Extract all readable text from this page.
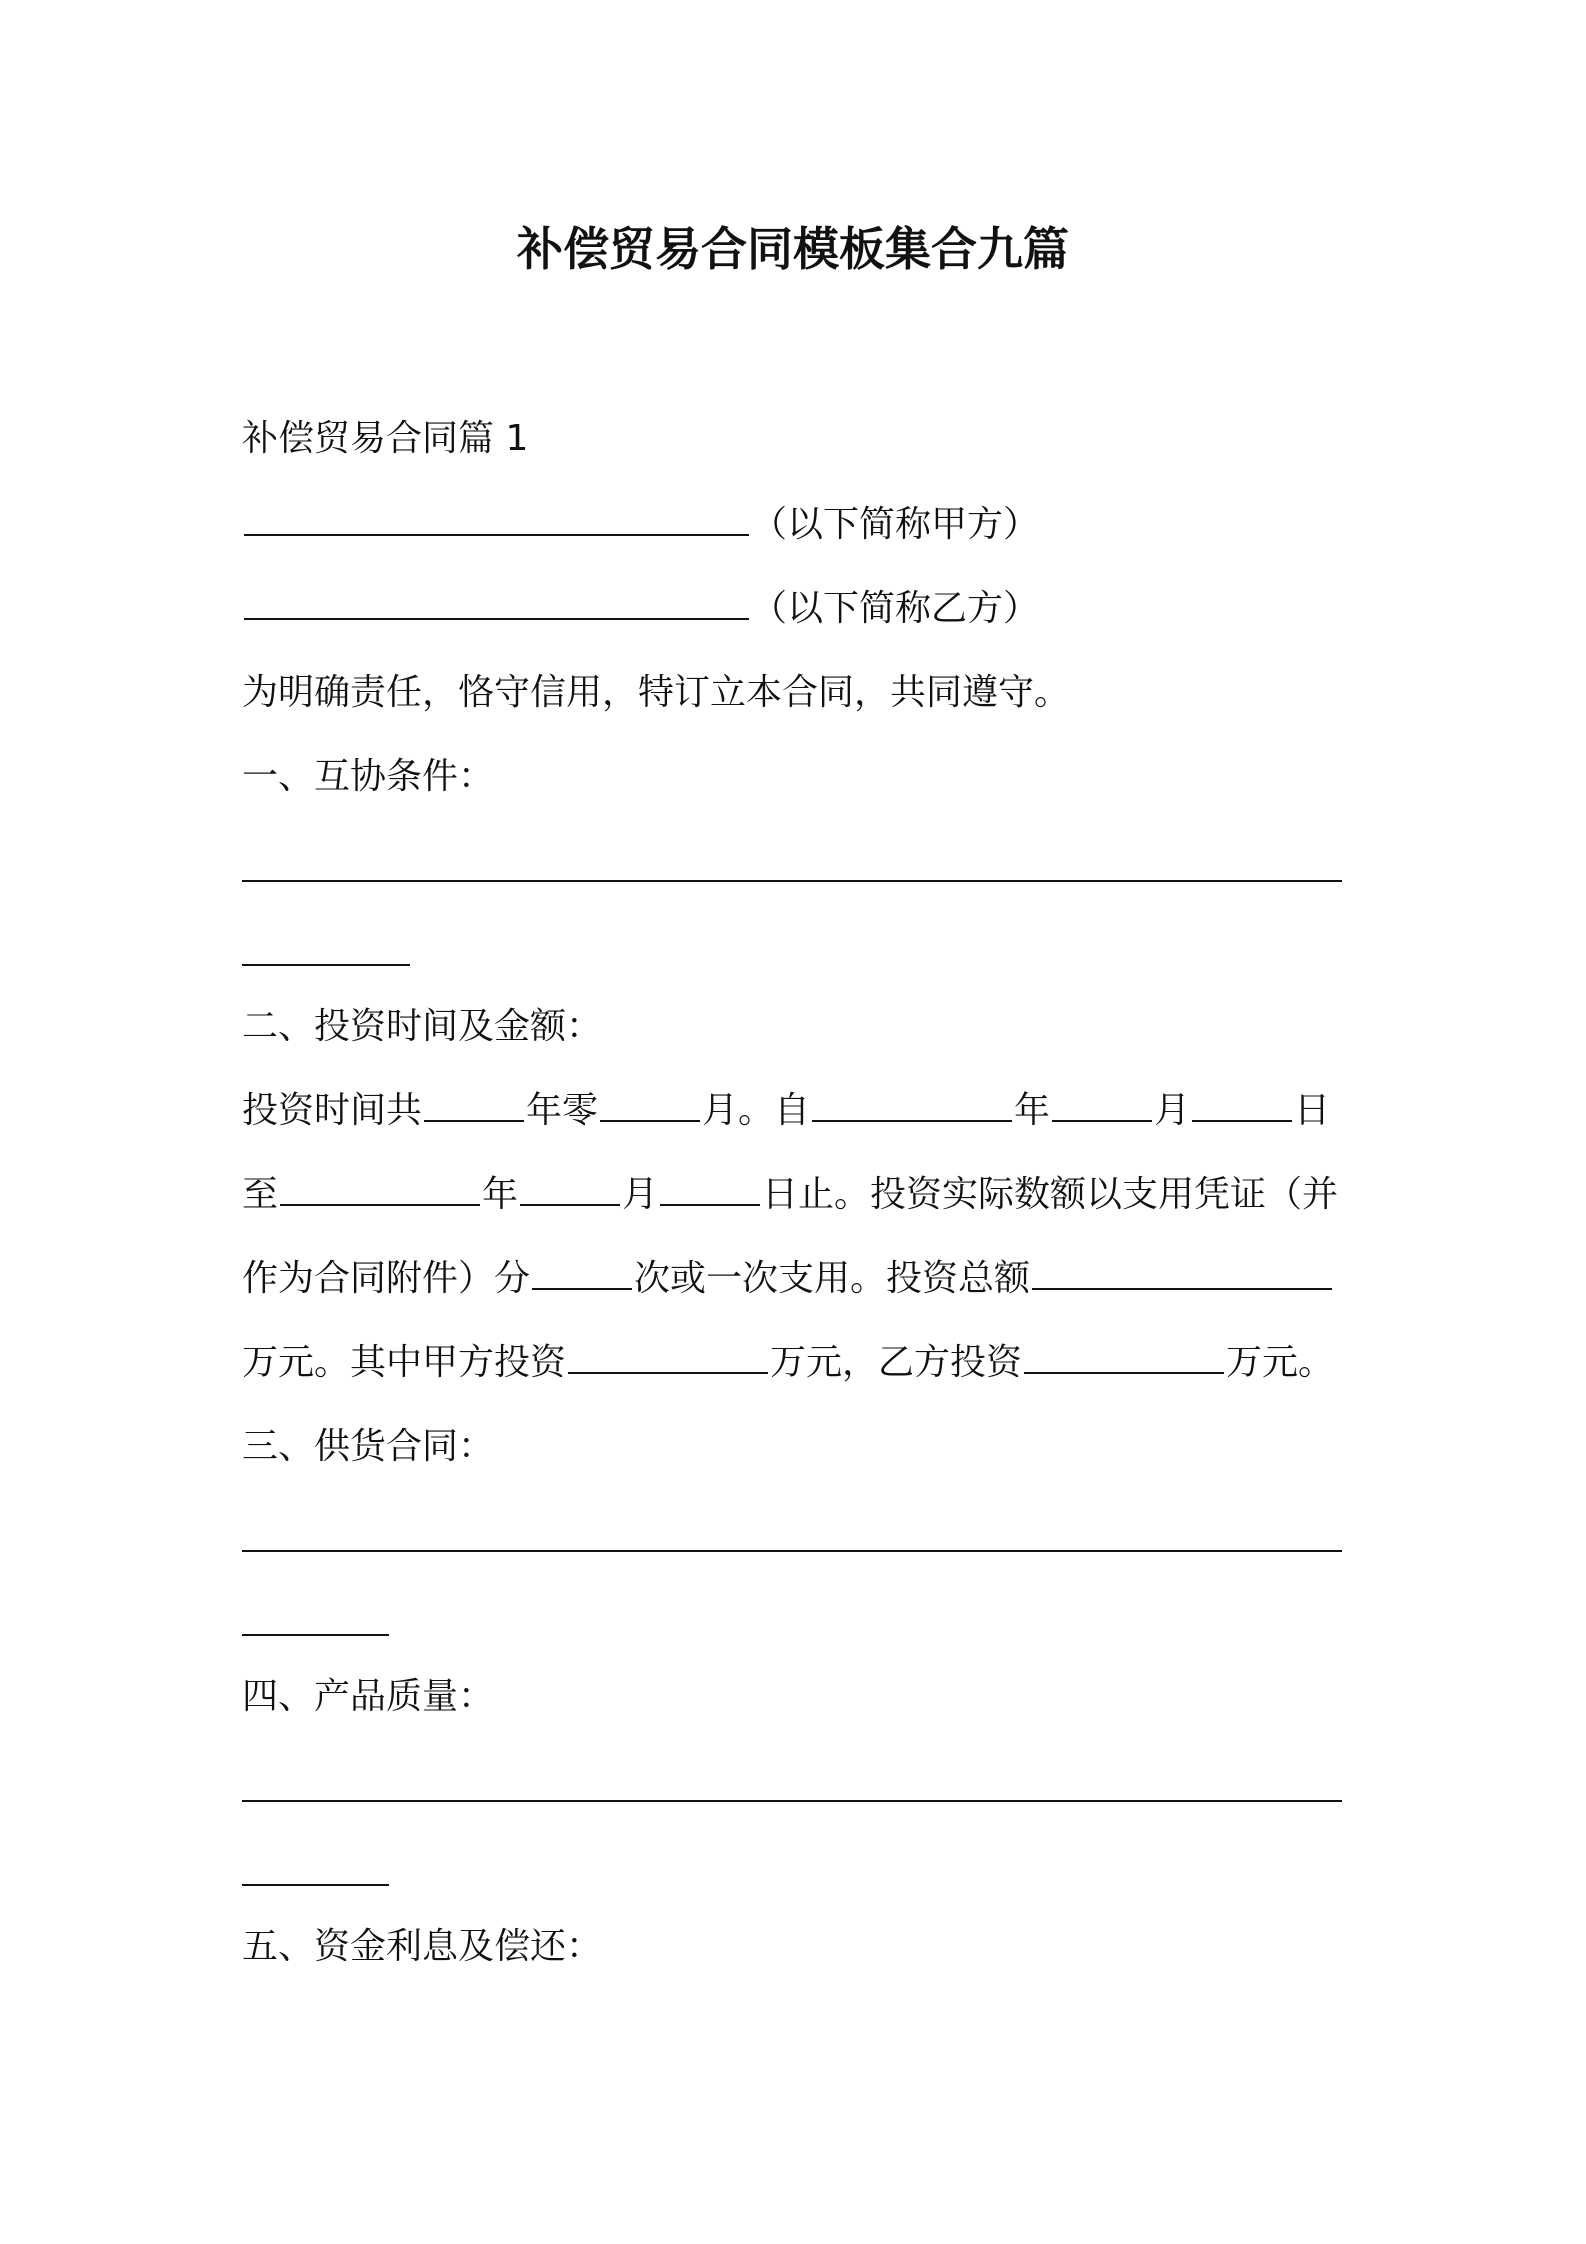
补偿贸易合同模板集合九篇
补偿贸易合同篇 1
（以下简称甲方）
（以下简称乙方）
为明确责任，恪守信用，特订立本合同，共同遵守。
一、互协条件：
二、投资时间及金额：
投资时间共	年零	月。自	年	月	日
至	年	月	日止。投资实际数额以支用凭证（并
作为合同附件）分	次或一次支用。投资总额
万元。其中甲方投资	万元，乙方投资	万元。
三、供货合同：
四、产品质量：
五、资金利息及偿还：
